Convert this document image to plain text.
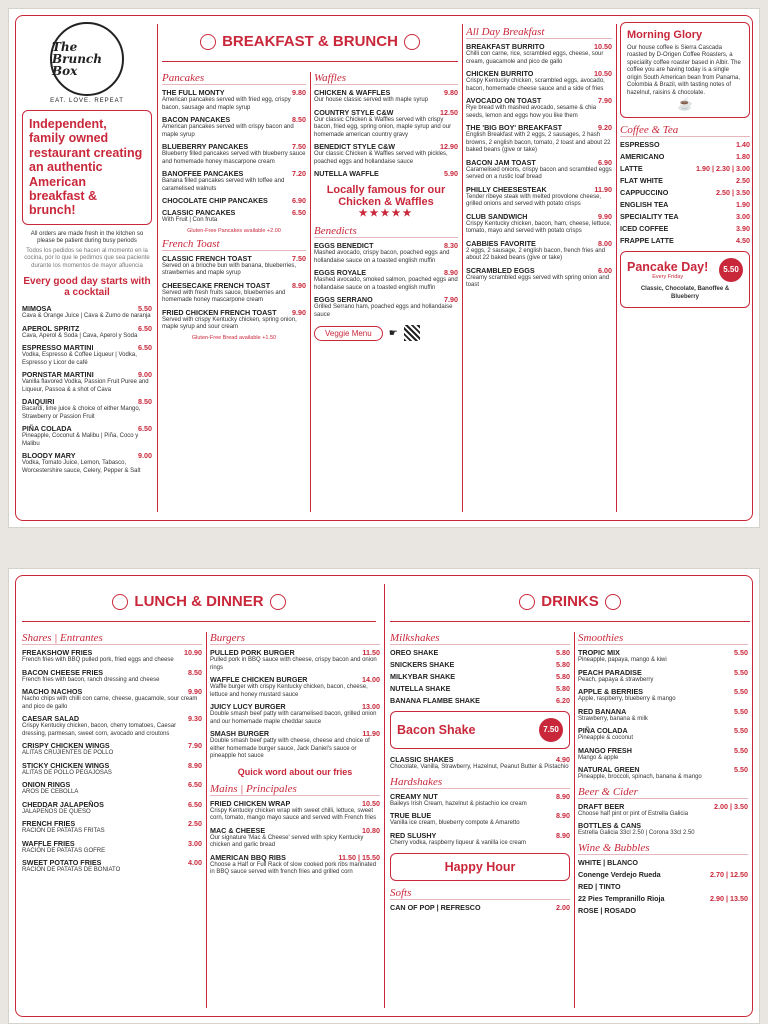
The Brunch Box
EAT. LOVE. REPEAT
Independent, family owned restaurant creating an authentic American breakfast & brunch!
All orders are made fresh in the kitchen so please be patient during busy periods
Todos los pedidos se hacen al momento en la cocina, por lo que le pedimos que sea paciente durante los momentos de mayor afluencia
Every good day starts with a cocktail
MIMOSA	5.50
Cava & Orange Juice | Cava & Zumo de naranja
APEROL SPRITZ	6.50
Cava, Aperol & Soda | Cava, Aperol y Soda
ESPRESSO MARTINI	6.50
Vodka, Espresso & Coffee Liqueur | Vodka, Espresso y Licor de café
PORNSTAR MARTINI	9.00
Vanilla flavored Vodka, Passion Fruit Puree and Liqueur, Passoa & a shot of Cava
DAIQUIRI	8.50
Bacardi, lime juice & choice of either Mango, Strawberry or Passion Fruit
PIÑA COLADA	6.50
Pineapple, Coconut & Malibu | Piña, Coco y Malibu
BLOODY MARY	9.00
Vodka, Tomato Juice, Lemon, Tabasco, Worcestershire sauce, Celery, Pepper & Salt
BREAKFAST & BRUNCH
Pancakes
THE FULL MONTY	9.80
American pancakes served with fried egg, crispy bacon, sausage and maple syrup
BACON PANCAKES	8.50
American pancakes served with crispy bacon and maple syrup
BLUEBERRY PANCAKES	7.50
Blueberry filled pancakes served with blueberry sauce and homemade honey mascarpone cream
BANOFFEE PANCAKES	7.20
Banana filled pancakes served with toffee and caramelised walnuts
CHOCOLATE CHIP PANCAKES	6.90
CLASSIC PANCAKES	6.50
With Fruit | Con fruta
Gluten-Free Pancakes available +2.00
French Toast
CLASSIC FRENCH TOAST	7.50
Served on a brioche bun with banana, blueberries, strawberries and maple syrup
CHEESECAKE FRENCH TOAST	8.90
Served with fresh fruits sauce, blueberries and homemade honey mascarpone cream
FRIED CHICKEN FRENCH TOAST 9.90
Served with crispy Kentucky chicken, spring onion, maple syrup and sour cream
Gluten-Free Bread available +1.50
Waffles
CHICKEN & WAFFLES	9.80
Our house classic served with maple syrup
COUNTRY STYLE C&W	12.50
Our classic Chicken & Waffles served with crispy bacon, fried egg, spring onion, maple syrup and our homemade american country gravy
BENEDICT STYLE C&W	12.90
Our classic Chicken & Waffles served with pickles, poached eggs and hollandaise sauce
NUTELLA WAFFLE	5.90
Locally famous for our Chicken & Waffles
★★★★★
Benedicts
EGGS BENEDICT	8.30
Mashed avocado, crispy bacon, poached eggs and hollandaise sauce on a toasted english muffin
EGGS ROYALE	8.90
Mashed avocado, smoked salmon, poached eggs and hollandaise sauce on a toasted english muffin
EGGS SERRANO	7.90
Grilled Serrano ham, poached eggs and hollandaise sauce
Veggie Menu	☛
All Day Breakfast
BREAKFAST BURRITO	10.50
Chilli con carne, rice, scrambled eggs, cheese, sour cream, guacamole and pico de gallo
CHICKEN BURRITO	10.50
Crispy Kentucky chicken, scrambled eggs, avocado, bacon, homemade cheese sauce and a side of fries
AVOCADO ON TOAST	7.90
Rye bread with mashed avocado, sesame & chia seeds, lemon and eggs how you like them
THE 'BIG BOY' BREAKFAST	9.20
English Breakfast with 2 eggs, 2 sausages, 2 hash browns, 2 english bacon, tomato, 2 toast and about 22 baked beans (give or take)
BACON JAM TOAST	6.90
Caramelised onions, crispy bacon and scrambled eggs served on a rustic loaf bread
PHILLY CHEESESTEAK	11.90
Tender ribeye steak with melted provolone cheese, grilled onions and served with potato crisps
CLUB SANDWICH	9.90
Crispy Kentucky chicken, bacon, ham, cheese, lettuce, tomato, mayo and served with potato crisps
CABBIES FAVORITE	8.00
2 eggs, 2 sausage, 2 english bacon, french fries and about 22 baked beans (give or take)
SCRAMBLED EGGS	6.00
Creamy scrambled eggs served with spring onion and toast
Morning Glory
Our house coffee is Sierra Cascada roasted by D-Origen Coffee Roasters, a speciality coffee roaster based in Albir. The coffee you are having today is a single origin South American bean from Panama, Colombia & Brazil, with tasting notes of hazelnut, raisins & chocolate.
☕
Coffee & Tea
ESPRESSO	1.40
AMERICANO	1.80
LATTE	1.90 | 2.30 | 3.00
FLAT WHITE	2.50
CAPPUCCINO	2.50 | 3.50
ENGLISH TEA	1.90
SPECIALITY TEA	3.00
ICED COFFEE	3.90
FRAPPE LATTE	4.50
Pancake Day!
Every Friday
5.50
Classic, Chocolate, Banoffee & Blueberry
LUNCH & DINNER	DRINKS
Shares | Entrantes
FREAKSHOW FRIES	10.90
French fries with BBQ pulled pork, fried eggs and cheese
BACON CHEESE FRIES	8.50
French fries with bacon, ranch dressing and cheese
MACHO NACHOS	9.90
Nacho chips with chilli con carne, cheese, guacamole, sour cream and pico de gallo
CAESAR SALAD	9.30
Crispy Kentucky chicken, bacon, cherry tomatoes, Caesar dressing, parmesan, sweet corn, avocado and croutons
CRISPY CHICKEN WINGS	7.90
ALITAS CRUJIENTES DE POLLO
STICKY CHICKEN WINGS	8.90
ALITAS DE POLLO PEGAJOSAS
ONION RINGS	6.50
AROS DE CEBOLLA
CHEDDAR JALAPEÑOS	6.50
JALAPEÑOS DE QUESO
FRENCH FRIES	2.50
RACIÓN DE PATATAS FRITAS
WAFFLE FRIES	3.00
RACIÓN DE PATATAS GOFRE
SWEET POTATO FRIES	4.00
RACIÓN DE PATATAS DE BONIATO
Burgers
PULLED PORK BURGER	11.50
Pulled pork in BBQ sauce with cheese, crispy bacon and onion rings
WAFFLE CHICKEN BURGER	14.00
Waffle burger with crispy Kentucky chicken, bacon, cheese, lettuce and honey mustard sauce
JUICY LUCY BURGER	13.00
Double smash beef patty with caramelised bacon, grilled onion and our homemade maple cheddar sauce
SMASH BURGER	11.90
Double smash beef patty with cheese, cheese and choice of either homemade burger sauce, Jack Daniel's sauce or pineapple hot sauce
Quick word about our fries
Mains | Principales
FRIED CHICKEN WRAP	10.50
Crispy Kentucky chicken wrap with sweet chilli, lettuce, sweet corn, tomato, mango mayo sauce and served with French fries
MAC & CHEESE	10.80
Our signature 'Mac & Cheese' served with spicy Kentucky chicken and garlic bread
AMERICAN BBQ RIBS	11.50 | 15.50
Choose a Half or Full Rack of slow cooked pork ribs marinated in BBQ sauce served with french fries and grilled corn
Milkshakes
OREO SHAKE	5.80
SNICKERS SHAKE	5.80
MILKYBAR SHAKE	5.80
NUTELLA SHAKE	5.80
BANANA FLAMBE SHAKE	6.20
Bacon Shake	7.50
CLASSIC SHAKES	4.90
Chocolate, Vanilla, Strawberry, Hazelnut, Peanut Butter & Pistachio
Hardshakes
CREAMY NUT	8.90
Baileys Irish Cream, hazelnut & pistachio ice cream
TRUE BLUE	8.90
Vanilla ice cream, blueberry compote & Amaretto
RED SLUSHY	8.90
Cherry vodka, raspberry liqueur & vanilla ice cream
Happy Hour
Softs
CAN OF POP | REFRESCO	2.00
Smoothies
TROPIC MIX	5.50
Pineapple, papaya, mango & kiwi
PEACH PARADISE	5.50
Peach, papaya & strawberry
APPLE & BERRIES	5.50
Apple, raspberry, blueberry & mango
RED BANANA	5.50
Strawberry, banana & milk
PIÑA COLADA	5.50
Pineapple & coconut
MANGO FRESH	5.50
Mango & apple
NATURAL GREEN	5.50
Pineapple, broccoli, spinach, banana & mango
Beer & Cider
DRAFT BEER	2.00 | 3.50
Choose half pint or pint of Estrella Galicia
BOTTLES & CANS
Estrella Galicia 33cl 2.50 | Corona 33cl 2.50
Wine & Bubbles
WHITE | BLANCO
Conenge Verdejo Rueda	2.70 | 12.50
RED | TINTO
22 Pies Tempranillo Rioja	2.90 | 13.50
ROSE | ROSADO
